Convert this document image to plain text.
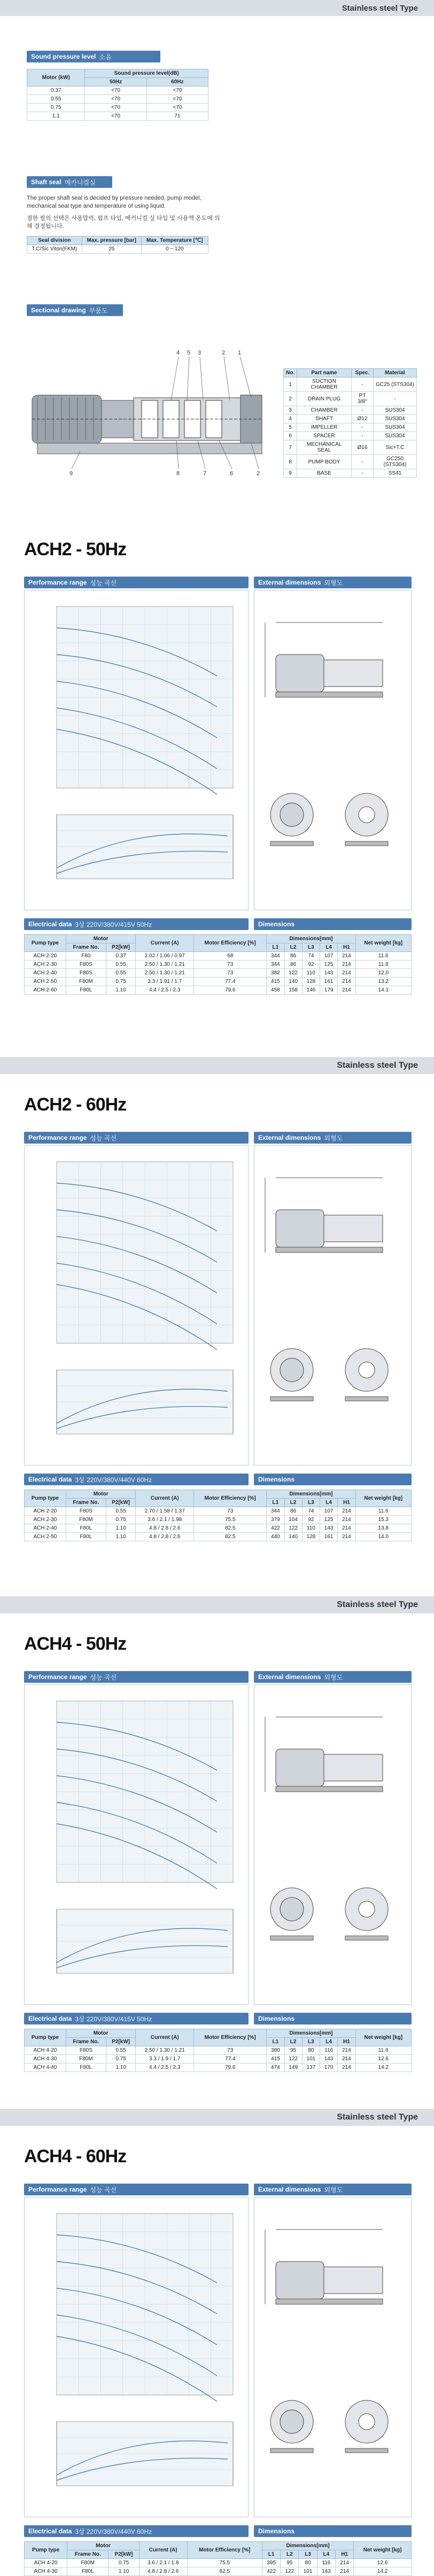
Stainless steel Type
Sound pressure level 소음
Motor (kW)	Sound pressure level(dB)	
	50Hz	60Hz
0.37	<70	<70
0.55	<70	<70
0.75	<70	<70
1.1	<70	71
Shaft seal 메카니컬실

The proper shaft seal is decided by pressure needed, pump model, mechanical seal type and temperature of using liquid.

절한 씰의 선택은 사용압력, 펌프 타입, 메커니컬 실 타입 및 사용액 온도에 의해 결정됩니다.

Seal division	Max. pressure [bar]	Max. Temperature [℃]
T.C/Sic Viton(FKM)	25	0 ~ 120
Sectional drawing 부품도
4 5 3	2 1
9	8	7	6	2
No.	Part name	Spec.	Material
1	SUCTION CHAMBER	-	GC25 (STS304)
2	DRAIN PLUG	PT 3/8"	-
3	CHAMBER	-	SUS304
4	SHAFT	Ø12	SUS304
5	IMPELLER	-	SUS304
6	SPACER	-	SUS304
7	MECHANICAL SEAL	Ø16	Sic+T.C
8	PUMP BODY	-	GC250 (STS304)
9	BASE	-	SS41
ACH2 - 50Hz
Performance range 성능 곡선	External dimensions 외형도
Electrical data 3상 220V/380V/415V 50Hz	Dimensions
Pump type	Motor		Current (A)	Motor Efficiency [%]	Dimensions[mm]					Net weight [kg]
	Frame No.	P2[kW]			L1	L2	L3	L4	H1	
ACH 2-20	F80	0.37	2.02 / 1.06 / 0.97	68	344	86	74	107	214	11.6
ACH 2-30	F80S	0.55	2.50 / 1.30 / 1.21	73	344	86	92	125	214	11.8
ACH 2-40	F80S	0.55	2.50 / 1.30 / 1.21	73	382	122	110	143	214	12.0
ACH 2-50	F80M	0.75	3.3 / 1.91 / 1.7	77.4	415	140	128	161	214	13.2
ACH 2-60	F80L	1.10	4.4 / 2.5 / 2.3	79.6	458	158	146	179	214	14.1
Stainless steel Type
ACH2 - 60Hz
Performance range 성능 곡선	External dimensions 외형도
Electrical data 3상 220V/380V/440V 60Hz	Dimensions
Pump type	Motor		Current (A)	Motor Efficiency [%]	Dimensions[mm]					Net weight [kg]
	Frame No.	P2[kW]			L1	L2	L3	L4	H1	
ACH 2-20	F80S	0.55	2.70 / 1.58 / 1.37	73	344	86	74	107	214	11.6
ACH 2-30	F80M	0.75	3.6 / 2.1 / 1.98	75.5	379	104	92	125	214	15.3
ACH 2-40	F80L	1.10	4.8 / 2.8 / 2.6	82.5	422	122	110	143	214	13.8
ACH 2-50	F80L	1.10	4.8 / 2.8 / 2.6	82.5	440	140	128	161	214	14.0
Stainless steel Type
ACH4 - 50Hz
Performance range 성능 곡선	External dimensions 외형도
Electrical data 3상 220V/380V/415V 50Hz	Dimensions
Pump type	Motor		Current (A)	Motor Efficiency [%]	Dimensions[mm]					Net weight [kg]
	Frame No.	P2[kW]			L1	L2	L3	L4	H1	
ACH 4-20	F80S	0.55	2.50 / 1.30 / 1.21	73	380	95	80	116	214	11.6
ACH 4-30	F80M	0.75	3.3 / 1.9 / 1.7	77.4	415	122	101	143	214	12.6
ACH 4-40	F80L	1.10	4.4 / 2.5 / 2.3	79.6	474	149	137	170	214	14.2
Stainless steel Type
ACH4 - 60Hz
Performance range 성능 곡선	External dimensions 외형도
Electrical data 3상 220V/380V/440V 60Hz	Dimensions
Pump type	Motor		Current (A)	Motor Efficiency [%]	Dimensions[mm]					Net weight [kg]
	Frame No.	P2[kW]			L1	L2	L3	L4	H1	
ACH 4-20	F80M	0.75	3.6 / 2.1 / 1.8	75.5	395	95	80	116	214	12.6
ACH 4-30	F80L	1.10	4.8 / 2.8 / 2.6	82.5	422	122	101	143	214	14.2
